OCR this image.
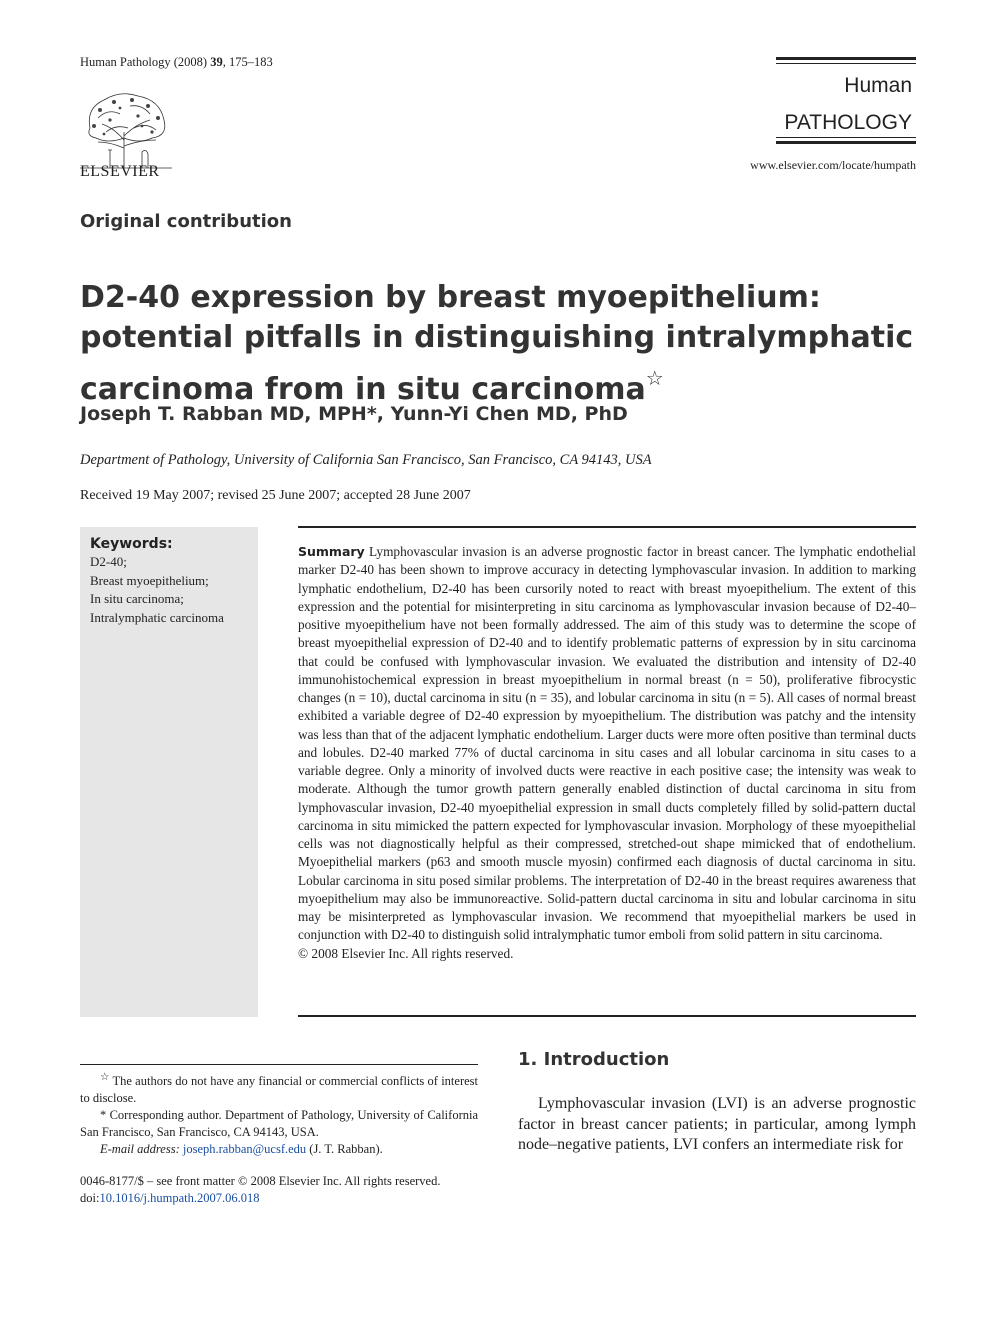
Human Pathology (2008) 39, 175–183
ELSEVIER
Human
PATHOLOGY
www.elsevier.com/locate/humpath
Original contribution
D2-40 expression by breast myoepithelium:
potential pitfalls in distinguishing intralymphatic
carcinoma from in situ carcinoma☆
Joseph T. Rabban MD, MPH*, Yunn-Yi Chen MD, PhD
Department of Pathology, University of California San Francisco, San Francisco, CA 94143, USA
Received 19 May 2007; revised 25 June 2007; accepted 28 June 2007
Keywords:
D2-40;
Breast myoepithelium;
In situ carcinoma;
Intralymphatic carcinoma
Summary Lymphovascular invasion is an adverse prognostic factor in breast cancer. The lymphatic endothelial marker D2-40 has been shown to improve accuracy in detecting lymphovascular invasion. In addition to marking lymphatic endothelium, D2-40 has been cursorily noted to react with breast myoepithelium. The extent of this expression and the potential for misinterpreting in situ carcinoma as lymphovascular invasion because of D2-40–positive myoepithelium have not been formally addressed. The aim of this study was to determine the scope of breast myoepithelial expression of D2-40 and to identify problematic patterns of expression by in situ carcinoma that could be confused with lymphovascular invasion. We evaluated the distribution and intensity of D2-40 immunohistochemical expression in breast myoepithelium in normal breast (n = 50), proliferative fibrocystic changes (n = 10), ductal carcinoma in situ (n = 35), and lobular carcinoma in situ (n = 5). All cases of normal breast exhibited a variable degree of D2-40 expression by myoepithelium. The distribution was patchy and the intensity was less than that of the adjacent lymphatic endothelium. Larger ducts were more often positive than terminal ducts and lobules. D2-40 marked 77% of ductal carcinoma in situ cases and all lobular carcinoma in situ cases to a variable degree. Only a minority of involved ducts were reactive in each positive case; the intensity was weak to moderate. Although the tumor growth pattern generally enabled distinction of ductal carcinoma in situ from lymphovascular invasion, D2-40 myoepithelial expression in small ducts completely filled by solid-pattern ductal carcinoma in situ mimicked the pattern expected for lymphovascular invasion. Morphology of these myoepithelial cells was not diagnostically helpful as their compressed, stretched-out shape mimicked that of endothelium. Myoepithelial markers (p63 and smooth muscle myosin) confirmed each diagnosis of ductal carcinoma in situ. Lobular carcinoma in situ posed similar problems. The interpretation of D2-40 in the breast requires awareness that myoepithelium may also be immunoreactive. Solid-pattern ductal carcinoma in situ and lobular carcinoma in situ may be misinterpreted as lymphovascular invasion. We recommend that myoepithelial markers be used in conjunction with D2-40 to distinguish solid intralymphatic tumor emboli from solid pattern in situ carcinoma.
© 2008 Elsevier Inc. All rights reserved.

☆ The authors do not have any financial or commercial conflicts of interest to disclose.

* Corresponding author. Department of Pathology, University of California San Francisco, San Francisco, CA 94143, USA.

E-mail address: joseph.rabban@ucsf.edu (J. T. Rabban).

0046-8177/$ – see front matter © 2008 Elsevier Inc. All rights reserved.
doi:10.1016/j.humpath.2007.06.018
1. Introduction

Lymphovascular invasion (LVI) is an adverse prognostic factor in breast cancer patients; in particular, among lymph node–negative patients, LVI confers an intermediate risk for
